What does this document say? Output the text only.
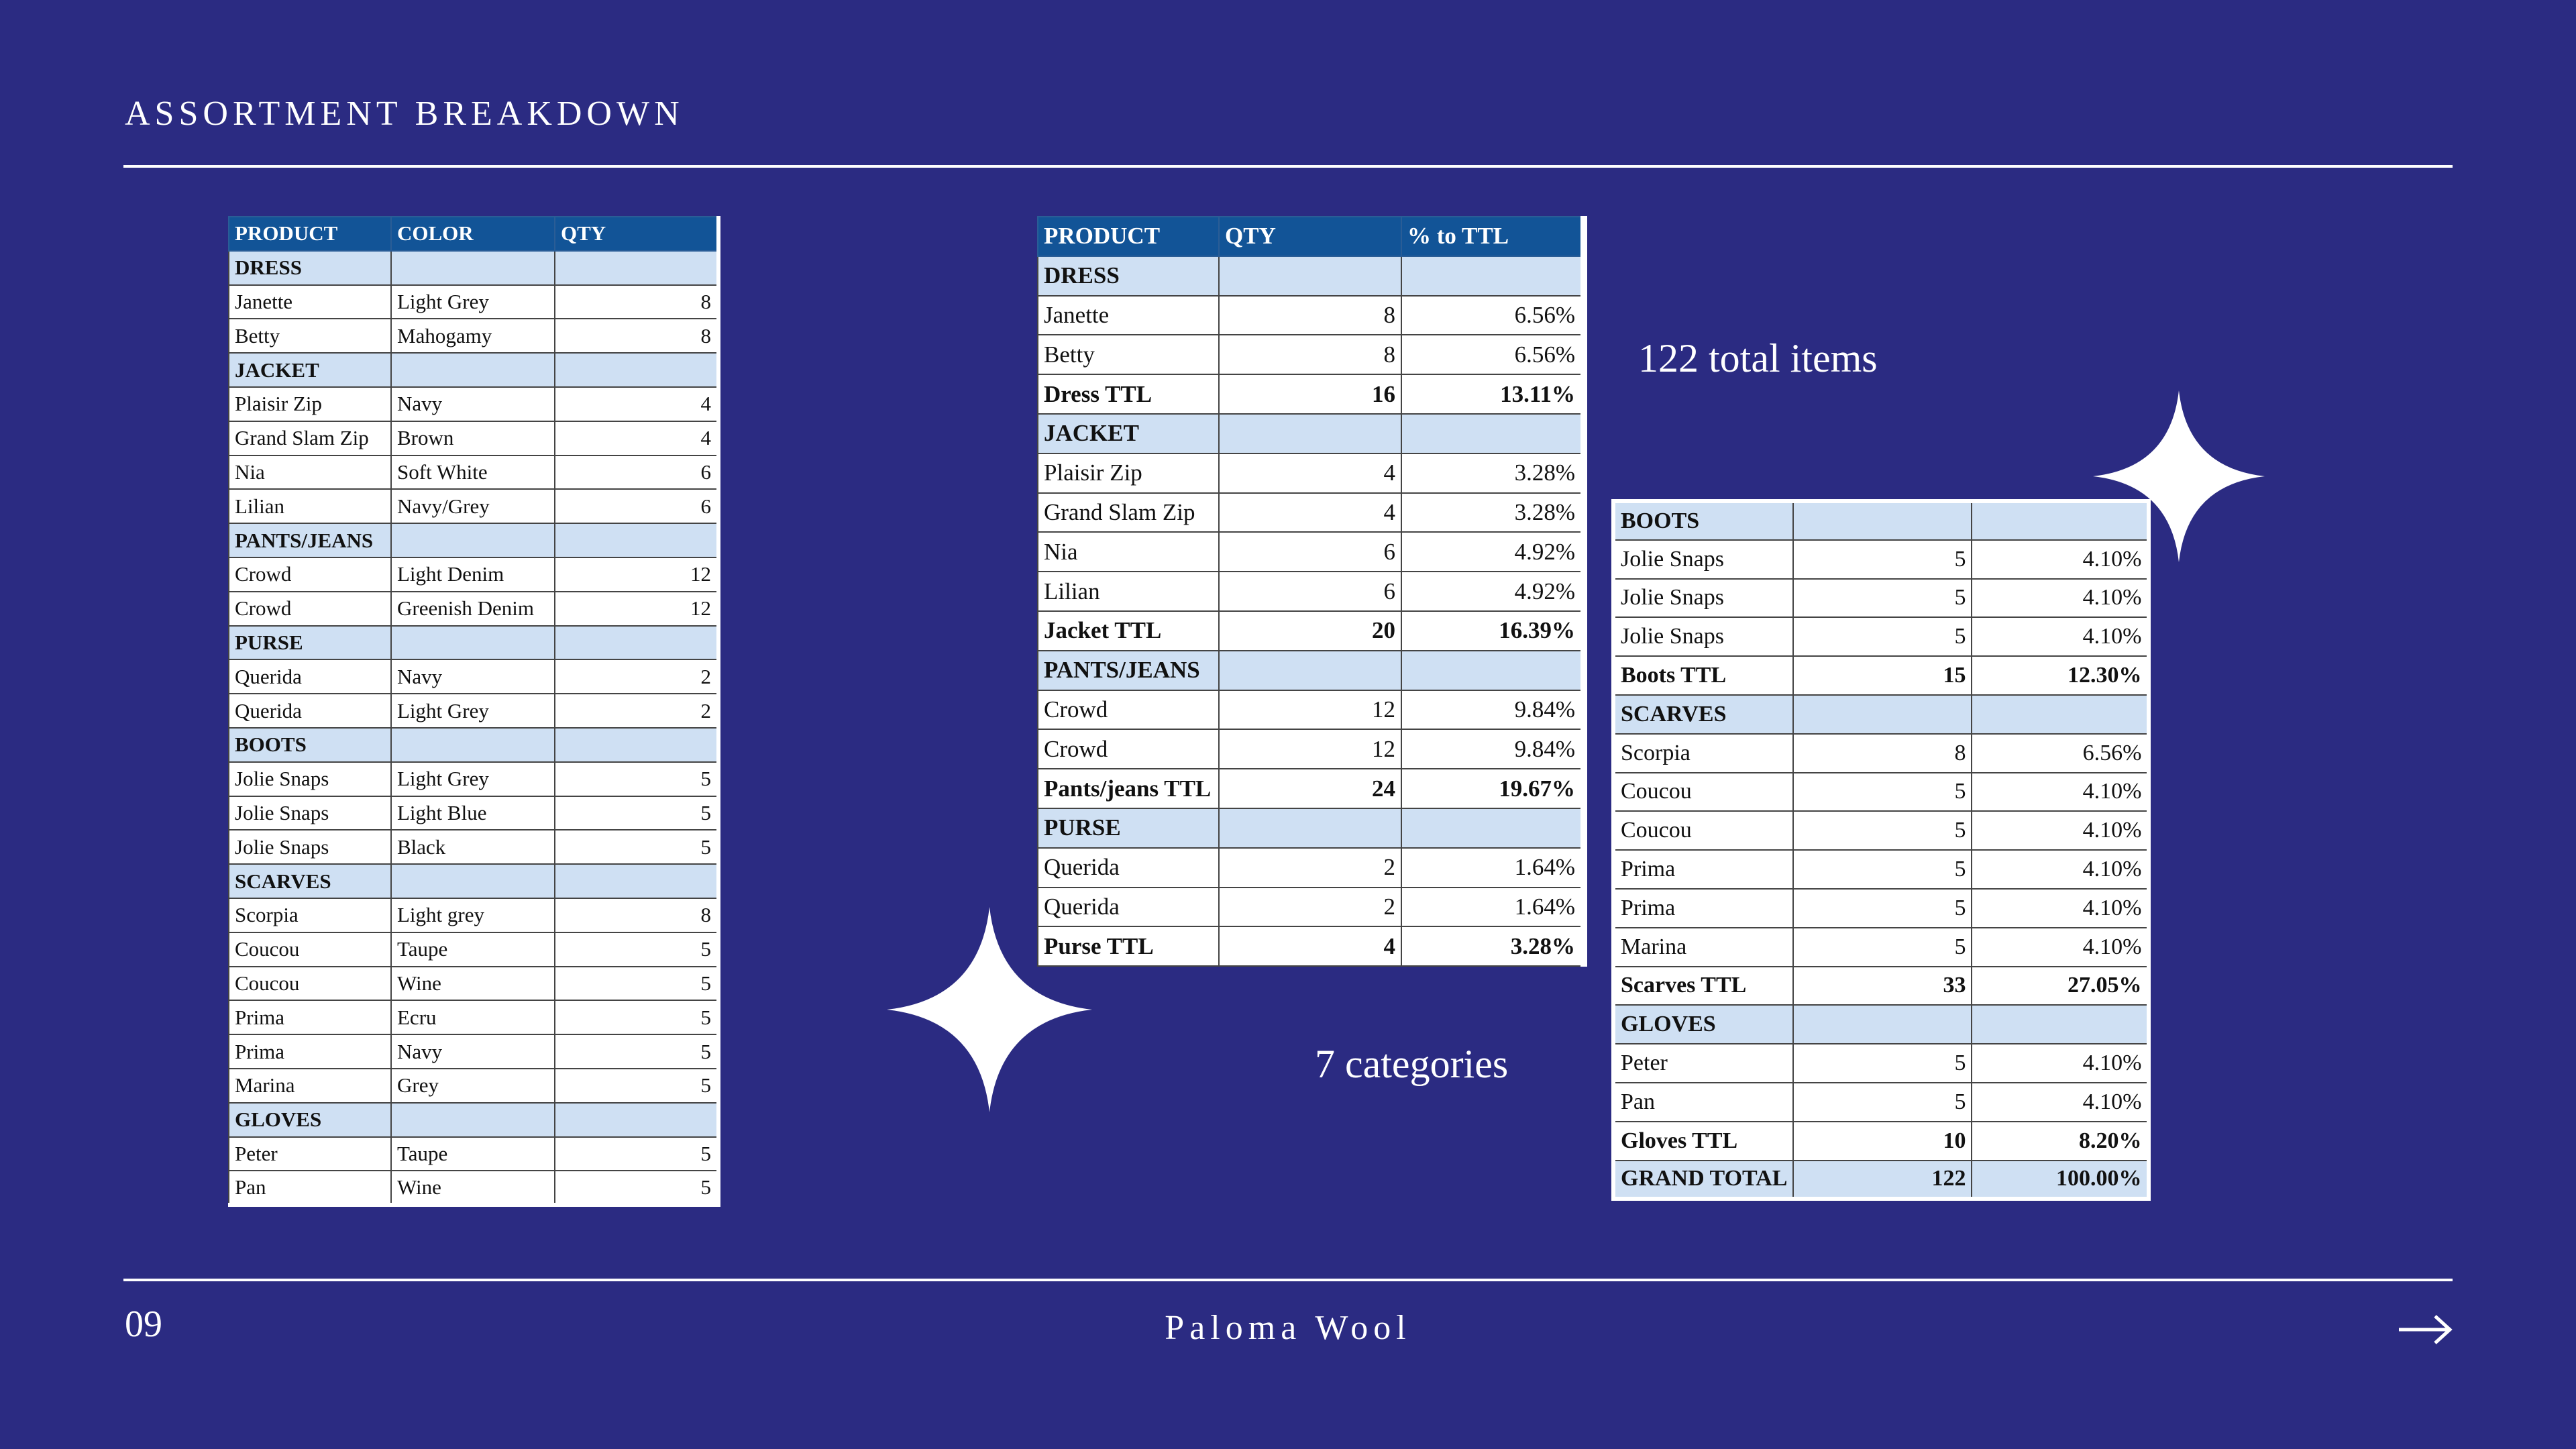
ASSORTMENT BREAKDOWN
PRODUCT	COLOR	QTY
DRESS		
Janette	Light Grey	8
Betty	Mahogamy	8
JACKET		
Plaisir Zip	Navy	4
Grand Slam Zip	Brown	4
Nia	Soft White	6
Lilian	Navy/Grey	6
PANTS/JEANS		
Crowd	Light Denim	12
Crowd	Greenish Denim	12
PURSE		
Querida	Navy	2
Querida	Light Grey	2
BOOTS		
Jolie Snaps	Light Grey	5
Jolie Snaps	Light Blue	5
Jolie Snaps	Black	5
SCARVES		
Scorpia	Light grey	8
Coucou	Taupe	5
Coucou	Wine	5
Prima	Ecru	5
Prima	Navy	5
Marina	Grey	5
GLOVES		
Peter	Taupe	5
Pan	Wine	5
PRODUCT	QTY	% to TTL
DRESS		
Janette	8	6.56%
Betty	8	6.56%
Dress TTL	16	13.11%
JACKET		
Plaisir Zip	4	3.28%
Grand Slam Zip	4	3.28%
Nia	6	4.92%
Lilian	6	4.92%
Jacket TTL	20	16.39%
PANTS/JEANS		
Crowd	12	9.84%
Crowd	12	9.84%
Pants/jeans TTL	24	19.67%
PURSE		
Querida	2	1.64%
Querida	2	1.64%
Purse TTL	4	3.28%
122 total items
BOOTS		
Jolie Snaps	5	4.10%
Jolie Snaps	5	4.10%
Jolie Snaps	5	4.10%
Boots TTL	15	12.30%
SCARVES		
Scorpia	8	6.56%
Coucou	5	4.10%
Coucou	5	4.10%
Prima	5	4.10%
Prima	5	4.10%
Marina	5	4.10%
Scarves TTL	33	27.05%
GLOVES		
Peter	5	4.10%
Pan	5	4.10%
Gloves TTL	10	8.20%
GRAND TOTAL	122	100.00%
7 categories
09	Paloma Wool
